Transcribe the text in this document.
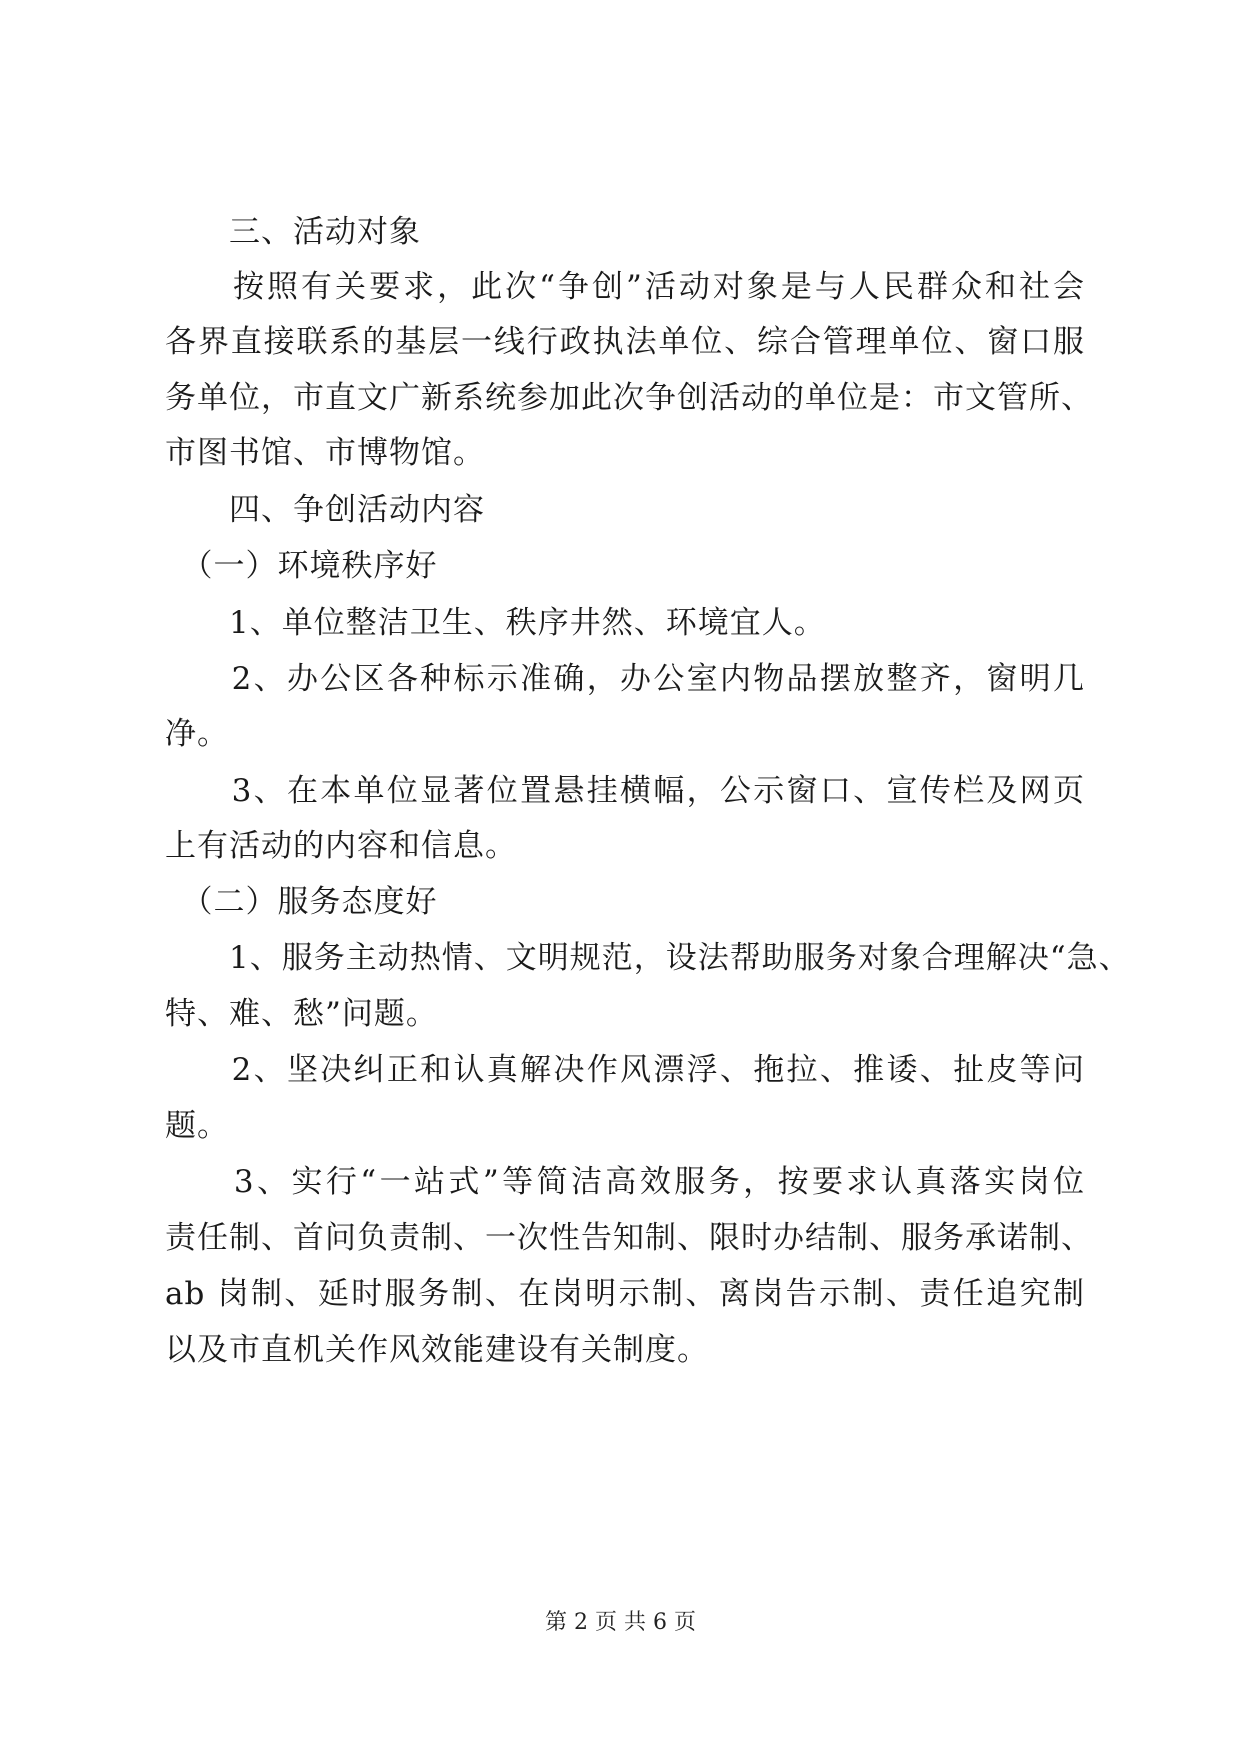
　　三、活动对象
　　按照有关要求，此次“争创”活动对象是与人民群众和社会
各界直接联系的基层一线行政执法单位、综合管理单位、窗口服
务单位，市直文广新系统参加此次争创活动的单位是：市文管所、
市图书馆、市博物馆。
　　四、争创活动内容
　（一）环境秩序好
　　1、单位整洁卫生、秩序井然、环境宜人。
　　2、办公区各种标示准确，办公室内物品摆放整齐，窗明几
净。
　　3、在本单位显著位置悬挂横幅，公示窗口、宣传栏及网页
上有活动的内容和信息。
　（二）服务态度好
　　1、服务主动热情、文明规范，设法帮助服务对象合理解决“急、
特、难、愁”问题。
　　2、坚决纠正和认真解决作风漂浮、拖拉、推诿、扯皮等问
题。
　　3、实行“一站式”等简洁高效服务，按要求认真落实岗位
责任制、首问负责制、一次性告知制、限时办结制、服务承诺制、
ab 岗制、延时服务制、在岗明示制、离岗告示制、责任追究制
以及市直机关作风效能建设有关制度。
第 2 页 共 6 页
